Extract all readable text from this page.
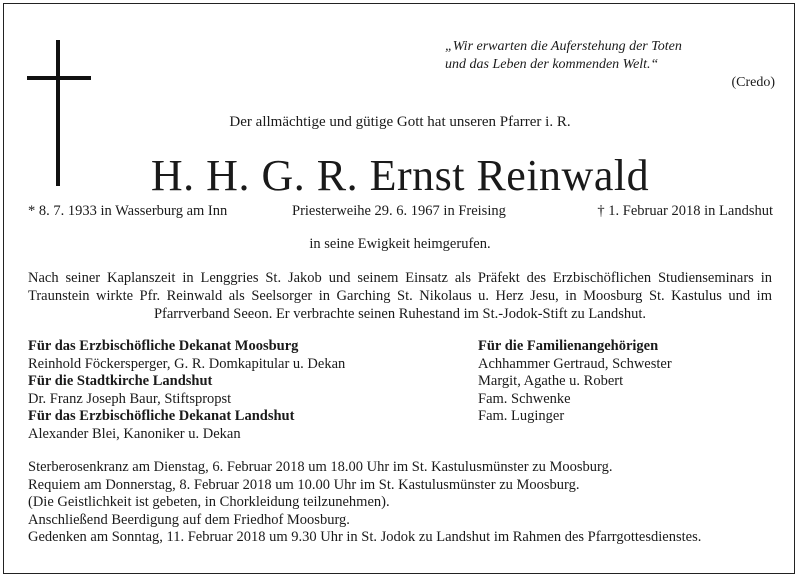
„Wir erwarten die Auferstehung der Toten
und das Leben der kommenden Welt.“
(Credo)
Der allmächtige und gütige Gott hat unseren Pfarrer i. R.
H. H. G. R. Ernst Reinwald
* 8. 7. 1933 in Wasserburg am Inn	Priesterweihe 29. 6. 1967 in Freising	† 1. Februar 2018 in Landshut
in seine Ewigkeit heimgerufen.
Nach seiner Kaplanszeit in Lenggries St. Jakob und seinem Einsatz als Präfekt des Erzbischöflichen Studienseminars in Traunstein wirkte Pfr. Reinwald als Seelsorger in Garching St. Nikolaus u. Herz Jesu, in Moosburg St. Kastulus und im Pfarrverband Seeon. Er verbrachte seinen Ruhestand im St.-Jodok-Stift zu Landshut.
Für das Erzbischöfliche Dekanat Moosburg
Reinhold Föckersperger, G. R. Domkapitular u. Dekan
Für die Stadtkirche Landshut
Dr. Franz Joseph Baur, Stiftspropst
Für das Erzbischöfliche Dekanat Landshut
Alexander Blei, Kanoniker u. Dekan
Für die Familienangehörigen
Achhammer Gertraud, Schwester
Margit, Agathe u. Robert
Fam. Schwenke
Fam. Luginger
Sterberosenkranz am Dienstag, 6. Februar 2018 um 18.00 Uhr im St. Kastulusmünster zu Moosburg.
Requiem am Donnerstag, 8. Februar 2018 um 10.00 Uhr im St. Kastulusmünster zu Moosburg.
(Die Geistlichkeit ist gebeten, in Chorkleidung teilzunehmen).
Anschließend Beerdigung auf dem Friedhof Moosburg.
Gedenken am Sonntag, 11. Februar 2018 um 9.30 Uhr in St. Jodok zu Landshut im Rahmen des Pfarrgottesdienstes.
